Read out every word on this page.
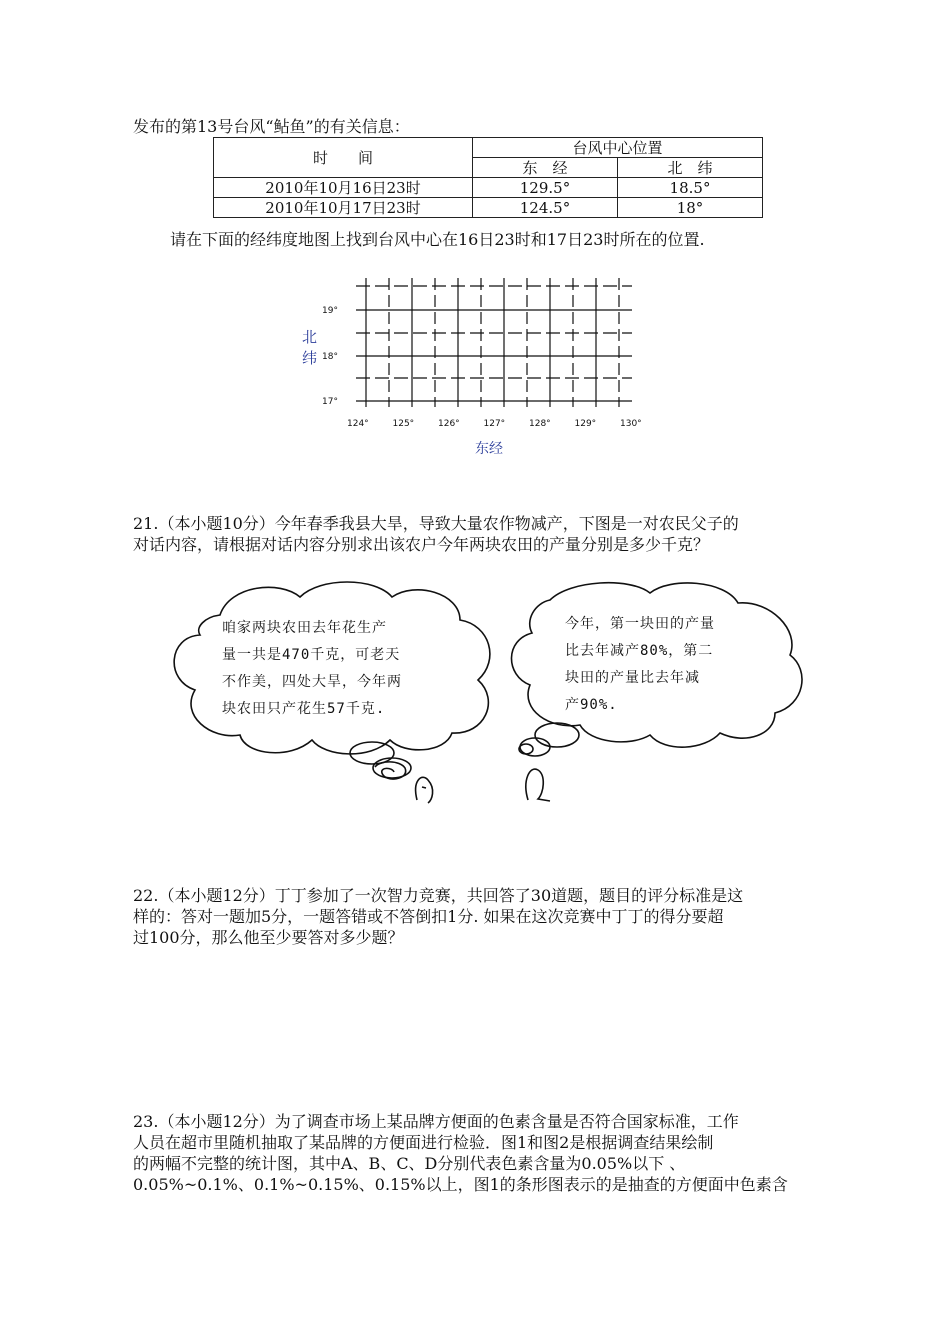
发布的第13号台风“鲇鱼”的有关信息：
时　　间	台风中心位置	
	东　经	北　纬
2010年10月16日23时	129.5°	18.5°
2010年10月17日23时	124.5°	18°
请在下面的经纬度地图上找到台风中心在16日23时和17日23时所在的位置.
19°
18°
17°
124°	125°	126°	127°	128°	129°	130°
北
纬
东经
21.（本小题10分）今年春季我县大旱，导致大量农作物减产，下图是一对农民父子的
对话内容，请根据对话内容分别求出该农户今年两块农田的产量分别是多少千克？
咱家两块农田去年花生产
量一共是470千克，可老天
不作美，四处大旱，今年两
块农田只产花生57千克.
今年，第一块田的产量
比去年减产80%，第二
块田的产量比去年减
产90%.
22.（本小题12分）丁丁参加了一次智力竞赛，共回答了30道题，题目的评分标准是这
样的：答对一题加5分，一题答错或不答倒扣1分. 如果在这次竞赛中丁丁的得分要超
过100分，那么他至少要答对多少题？
23.（本小题12分）为了调查市场上某品牌方便面的色素含量是否符合国家标准，工作
人员在超市里随机抽取了某品牌的方便面进行检验．图1和图2是根据调查结果绘制
的两幅不完整的统计图，其中A、B、C、D分别代表色素含量为0.05%以下 、
0.05%~0.1%、0.1%~0.15%、0.15%以上，图1的条形图表示的是抽查的方便面中色素含
